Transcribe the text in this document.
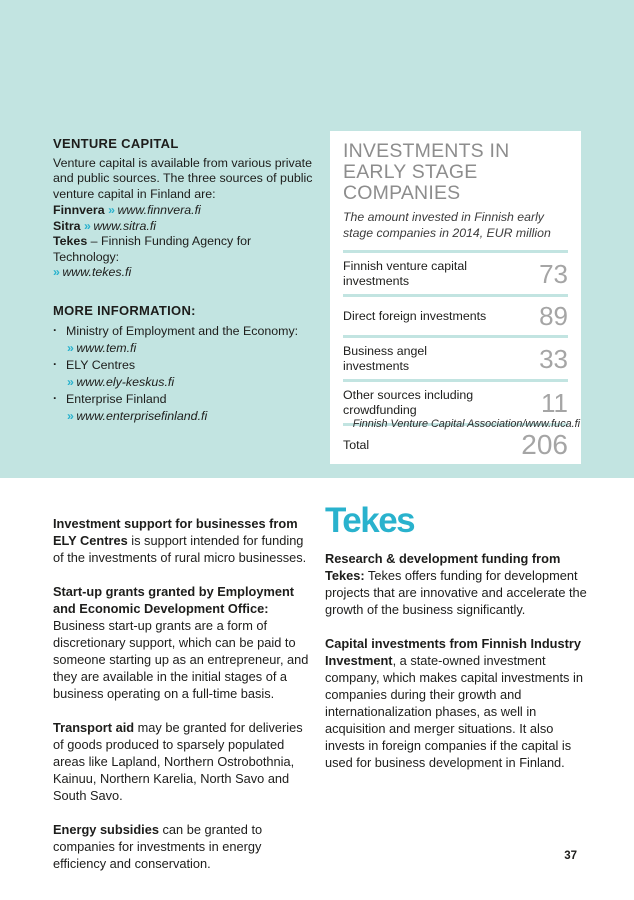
VENTURE CAPITAL
Venture capital is available from various private and public sources. The three sources of public venture capital in Finland are:
Finnvera » www.finnvera.fi
Sitra » www.sitra.fi
Tekes – Finnish Funding Agency for Technology:
» www.tekes.fi
MORE INFORMATION:
· Ministry of Employment and the Economy:
» www.tem.fi
· ELY Centres
» www.ely-keskus.fi
· Enterprise Finland
» www.enterprisefinland.fi
INVESTMENTS IN EARLY STAGE COMPANIES
The amount invested in Finnish early stage companies in 2014, EUR million
Finnish venture capital investments	73
Direct foreign investments 89
Business angel investments	33
Other sources including crowdfunding	11
Total	206
Finnish Venture Capital Association/www.fuca.fi
Investment support for businesses from ELY Centres is support intended for funding of the investments of rural micro businesses.
Start-up grants granted by Employment and Economic Development Office: Business start-up grants are a form of discretionary support, which can be paid to someone starting up as an entrepreneur, and they are available in the initial stages of a business operating on a full-time basis.
Transport aid may be granted for deliveries of goods produced to sparsely populated areas like Lapland, Northern Ostrobothnia, Kainuu, Northern Karelia, North Savo and South Savo.
Energy subsidies can be granted to companies for investments in energy efficiency and conservation.
Tekes
Research & development funding from Tekes: Tekes offers funding for development projects that are innovative and accelerate the growth of the business significantly.
Capital investments from Finnish Industry Investment, a state-owned investment company, which makes capital investments in companies during their growth and internationalization phases, as well in acquisition and merger situations. It also invests in foreign companies if the capital is used for business development in Finland.
37
